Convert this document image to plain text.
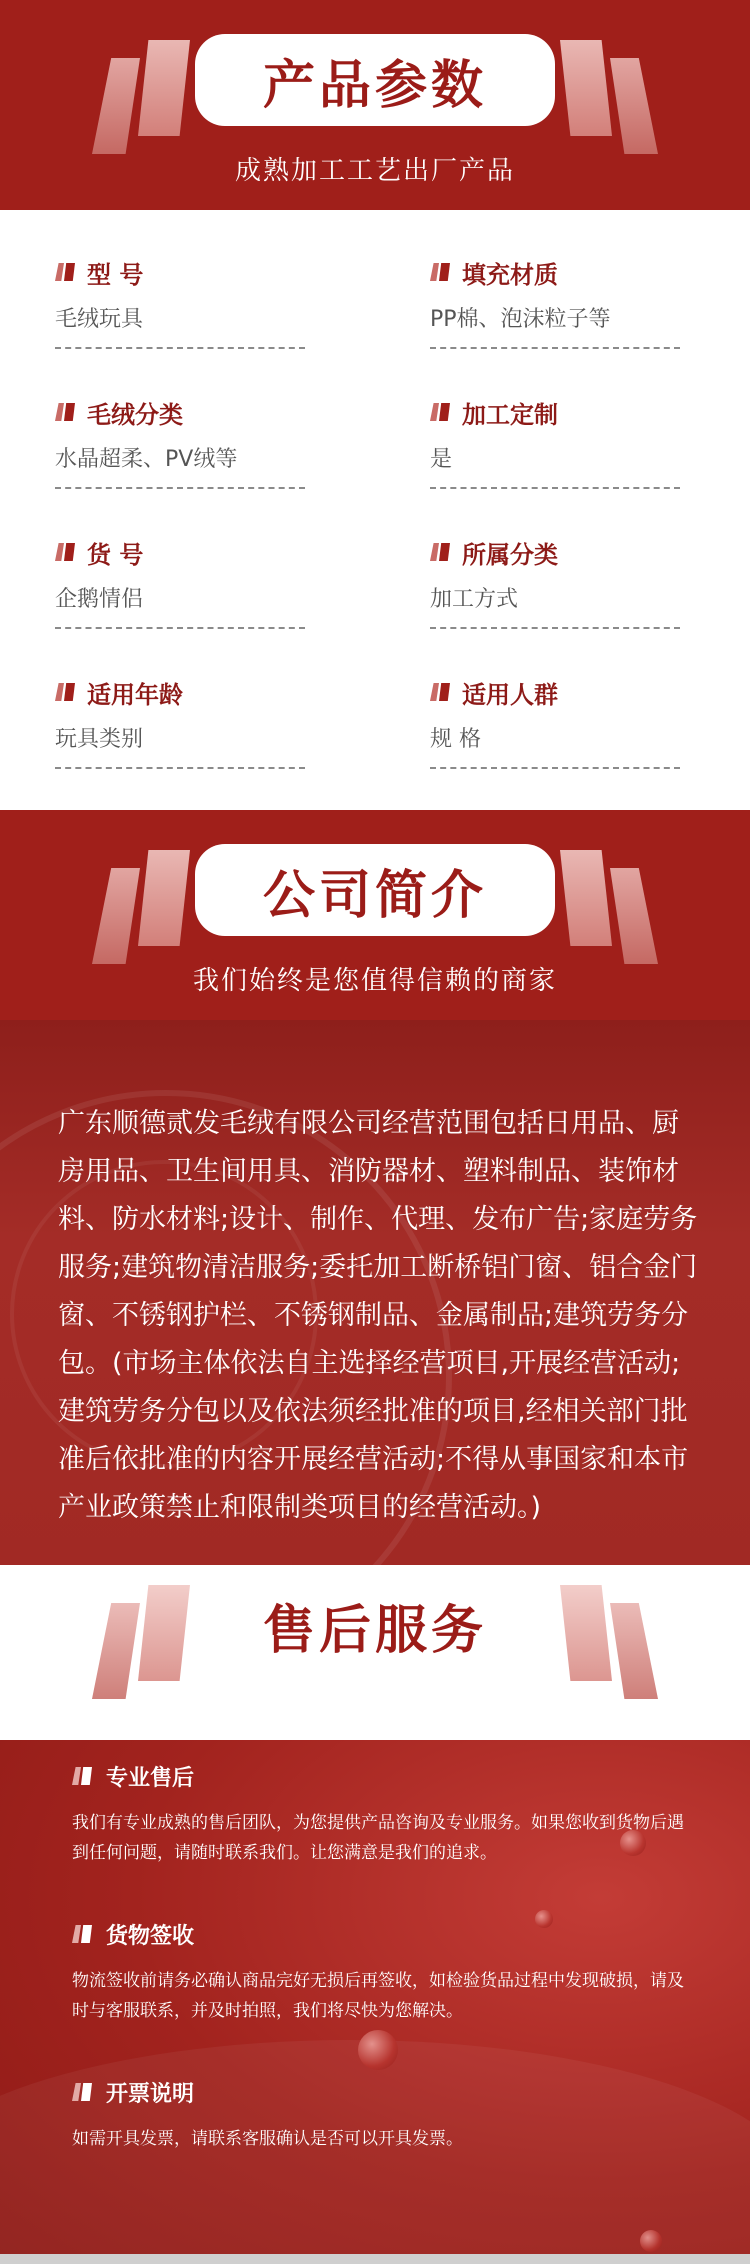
产品参数
成熟加工工艺出厂产品
型 号
毛绒玩具
填充材质
PP棉、泡沫粒子等
毛绒分类
水晶超柔、PV绒等
加工定制
是
货 号
企鹅情侣
所属分类
加工方式
适用年龄
玩具类别
适用人群
规 格
公司简介
我们始终是您值得信赖的商家
广东顺德贰发毛绒有限公司经营范围包括日用品、厨房用品、卫生间用具、消防器材、塑料制品、装饰材料、防水材料;设计、制作、代理、发布广告;家庭劳务服务;建筑物清洁服务;委托加工断桥铝门窗、铝合金门窗、不锈钢护栏、不锈钢制品、金属制品;建筑劳务分包。(市场主体依法自主选择经营项目,开展经营活动;建筑劳务分包以及依法须经批准的项目,经相关部门批准后依批准的内容开展经营活动;不得从事国家和本市产业政策禁止和限制类项目的经营活动。)
售后服务
更多问题咨询我们
专业售后
我们有专业成熟的售后团队，为您提供产品咨询及专业服务。如果您收到货物后遇到任何问题，请随时联系我们。让您满意是我们的追求。
货物签收
物流签收前请务必确认商品完好无损后再签收，如检验货品过程中发现破损，请及时与客服联系，并及时拍照，我们将尽快为您解决。
开票说明
如需开具发票，请联系客服确认是否可以开具发票。
